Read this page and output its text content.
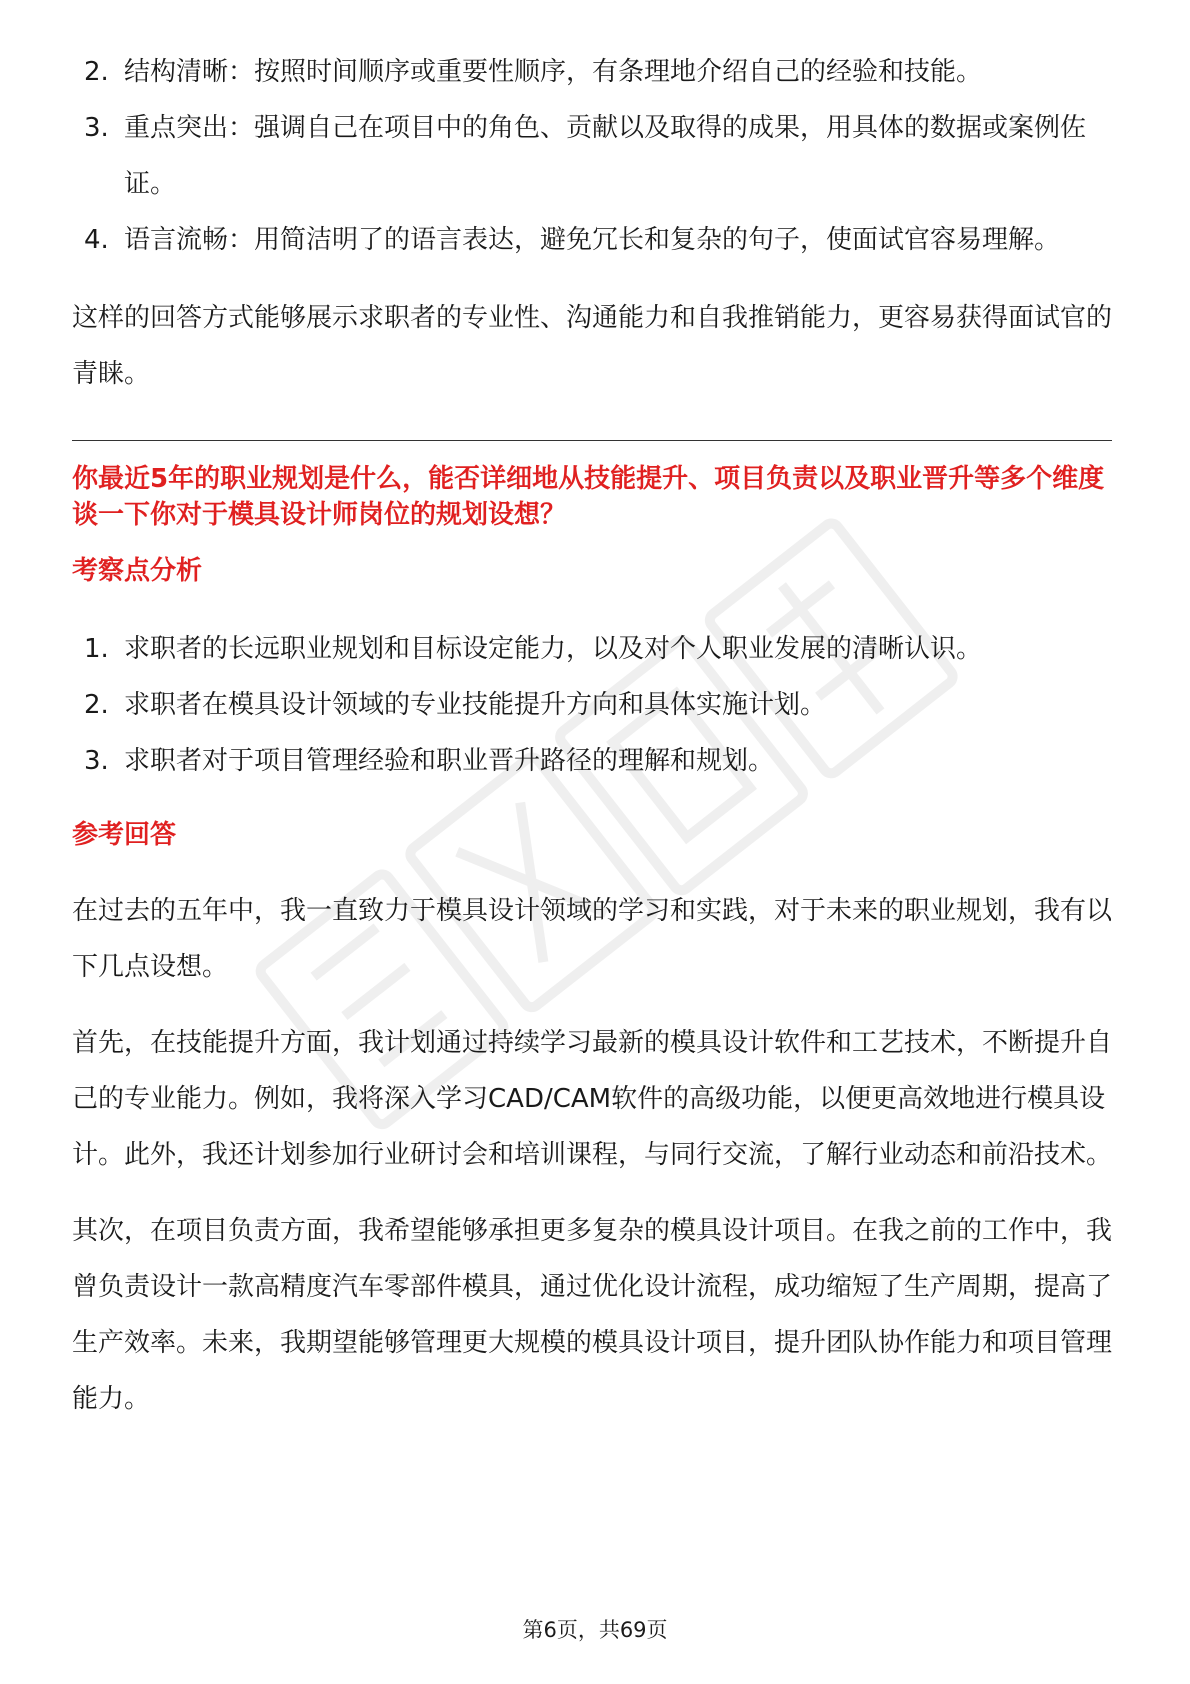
2. 结构清晰：按照时间顺序或重要性顺序，有条理地介绍自己的经验和技能。
3. 重点突出：强调自己在项目中的角色、贡献以及取得的成果，用具体的数据或案例佐证。
4. 语言流畅：用简洁明了的语言表达，避免冗长和复杂的句子，使面试官容易理解。

这样的回答方式能够展示求职者的专业性、沟通能力和自我推销能力，更容易获得面试官的青睐。

你最近5年的职业规划是什么，能否详细地从技能提升、项目负责以及职业晋升等多个维度谈一下你对于模具设计师岗位的规划设想？

考察点分析

1. 求职者的长远职业规划和目标设定能力，以及对个人职业发展的清晰认识。
2. 求职者在模具设计领域的专业技能提升方向和具体实施计划。
3. 求职者对于项目管理经验和职业晋升路径的理解和规划。

参考回答

在过去的五年中，我一直致力于模具设计领域的学习和实践，对于未来的职业规划，我有以下几点设想。

首先，在技能提升方面，我计划通过持续学习最新的模具设计软件和工艺技术，不断提升自己的专业能力。例如，我将深入学习CAD/CAM软件的高级功能，以便更高效地进行模具设计。此外，我还计划参加行业研讨会和培训课程，与同行交流，了解行业动态和前沿技术。

其次，在项目负责方面，我希望能够承担更多复杂的模具设计项目。在我之前的工作中，我曾负责设计一款高精度汽车零部件模具，通过优化设计流程，成功缩短了生产周期，提高了生产效率。未来，我期望能够管理更大规模的模具设计项目，提升团队协作能力和项目管理能力。

第6页，共69页
